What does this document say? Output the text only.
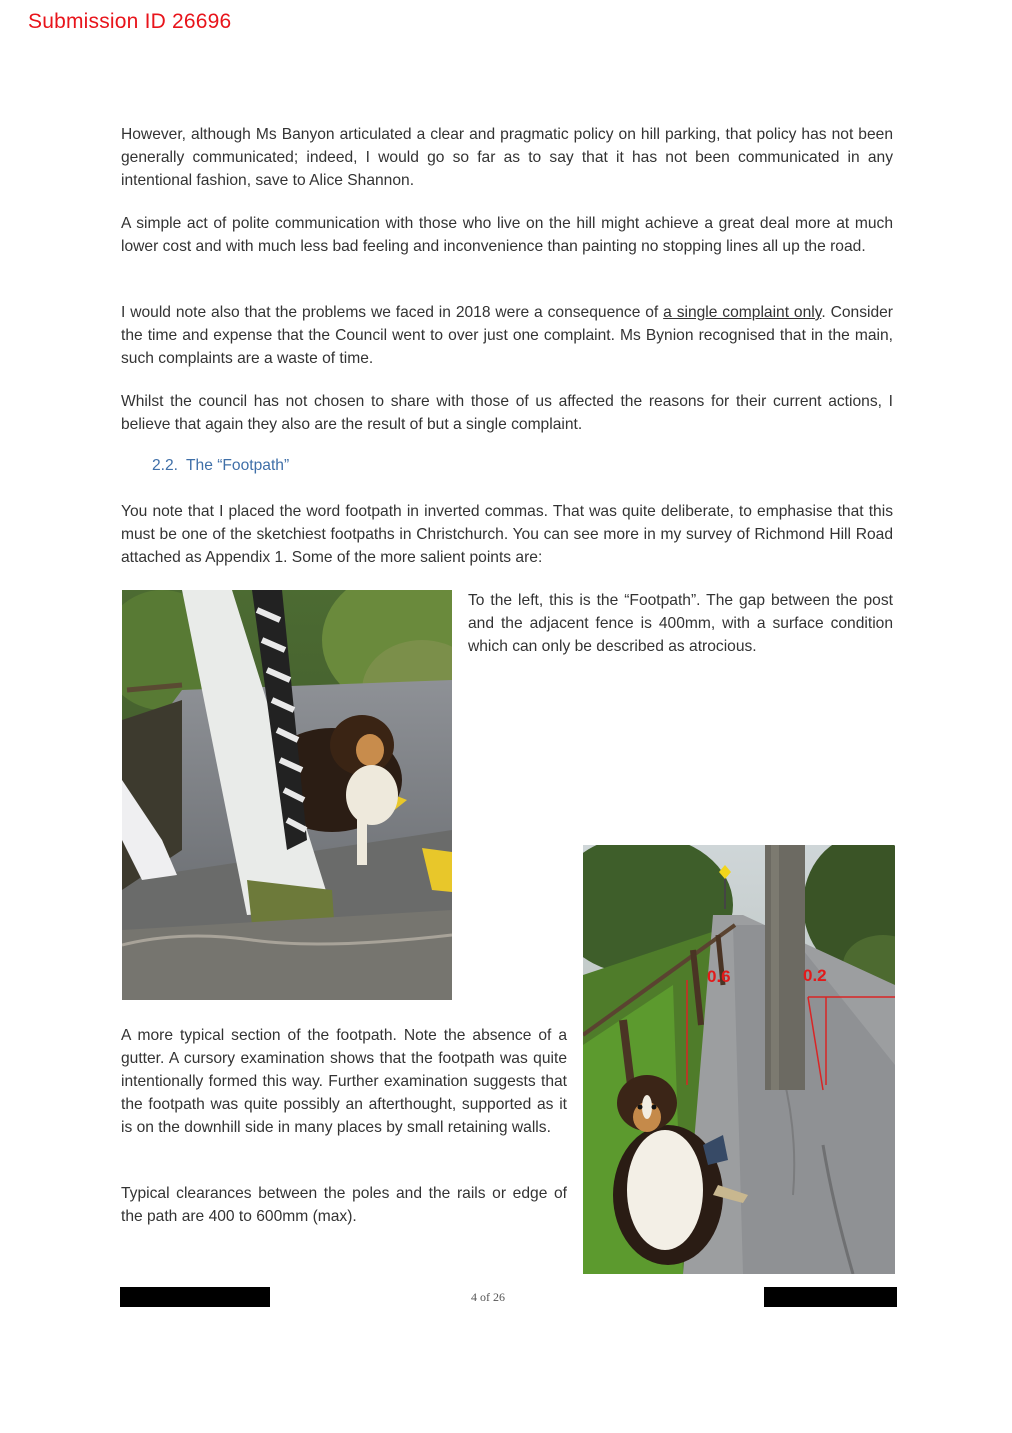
Submission ID 26696
However, although Ms Banyon articulated a clear and pragmatic policy on hill parking, that policy has not been generally communicated; indeed, I would go so far as to say that it has not been communicated in any intentional fashion, save to Alice Shannon.
A simple act of polite communication with those who live on the hill might achieve a great deal more at much lower cost and with much less bad feeling and inconvenience than painting no stopping lines all up the road.
I would note also that the problems we faced in 2018 were a consequence of a single complaint only. Consider the time and expense that the Council went to over just one complaint. Ms Bynion recognised that in the main, such complaints are a waste of time.
Whilst the council has not chosen to share with those of us affected the reasons for their current actions, I believe that again they also are the result of but a single complaint.
2.2. The “Footpath”
You note that I placed the word footpath in inverted commas. That was quite deliberate, to emphasise that this must be one of the sketchiest footpaths in Christchurch. You can see more in my survey of Richmond Hill Road attached as Appendix 1. Some of the more salient points are:
To the left, this is the “Footpath”. The gap between the post and the adjacent fence is 400mm, with a surface condition which can only be described as atrocious.
A more typical section of the footpath. Note the absence of a gutter. A cursory examination shows that the footpath was quite intentionally formed this way. Further examination suggests that the footpath was quite possibly an afterthought, supported as it is on the downhill side in many places by small retaining walls.
Typical clearances between the poles and the rails or edge of the path are 400 to 600mm (max).
0.6	0.2
4 of 26
